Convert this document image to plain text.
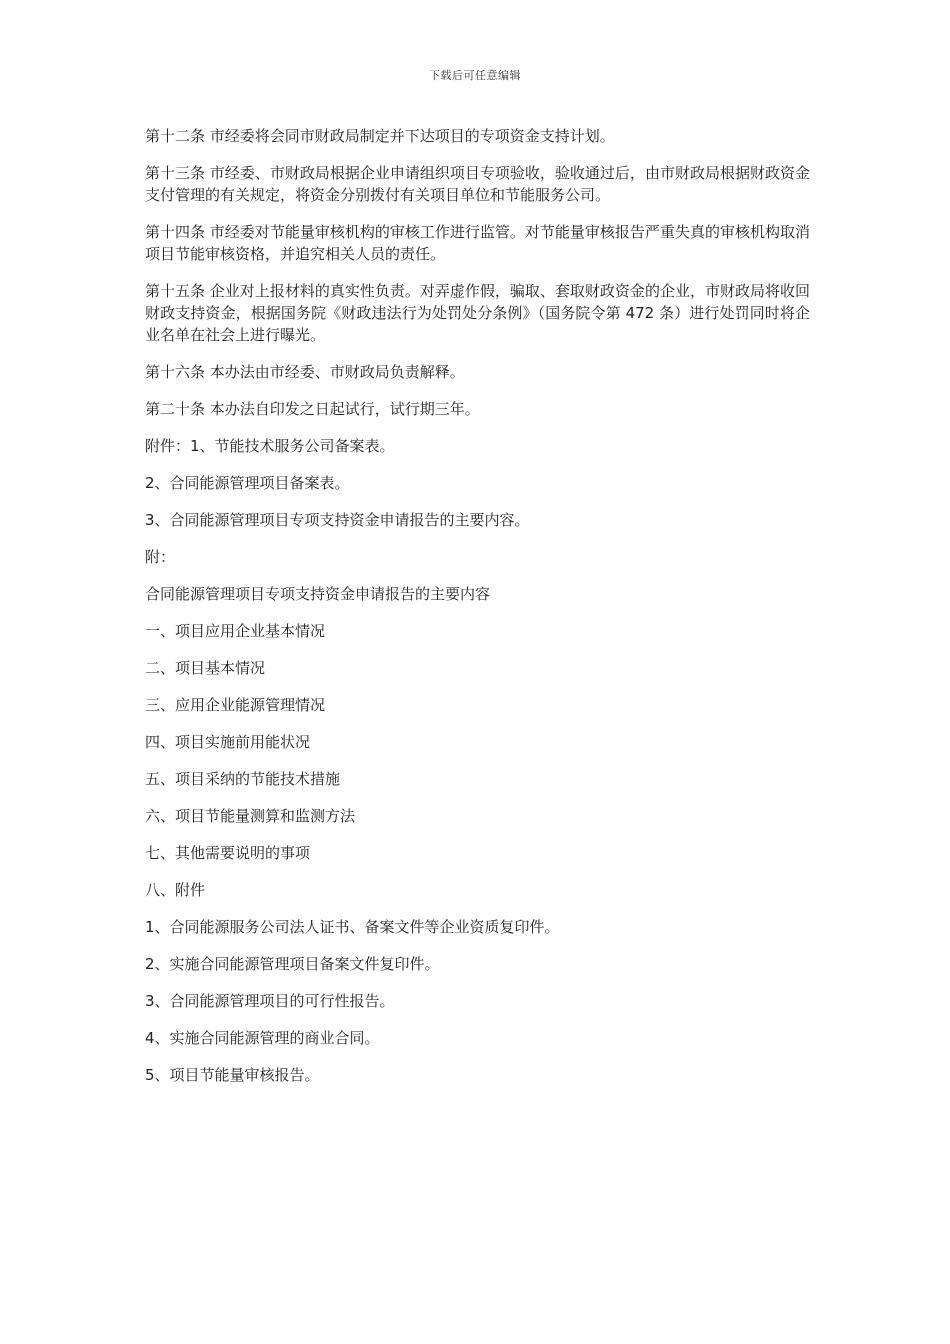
下载后可任意编辑

第十二条 市经委将会同市财政局制定并下达项目的专项资金支持计划。

第十三条 市经委、市财政局根据企业申请组织项目专项验收，验收通过后，由市财政局根据财政资金支付管理的有关规定，将资金分别拨付有关项目单位和节能服务公司。

第十四条 市经委对节能量审核机构的审核工作进行监管。对节能量审核报告严重失真的审核机构取消项目节能审核资格，并追究相关人员的责任。

第十五条 企业对上报材料的真实性负责。对弄虚作假，骗取、套取财政资金的企业，市财政局将收回财政支持资金，根据国务院《财政违法行为处罚处分条例》（国务院令第 472 条）进行处罚同时将企业名单在社会上进行曝光。

第十六条 本办法由市经委、市财政局负责解释。

第二十条 本办法自印发之日起试行，试行期三年。

附件：1、节能技术服务公司备案表。

2、合同能源管理项目备案表。

3、合同能源管理项目专项支持资金申请报告的主要内容。

附：

合同能源管理项目专项支持资金申请报告的主要内容

一、项目应用企业基本情况

二、项目基本情况

三、应用企业能源管理情况

四、项目实施前用能状况

五、项目采纳的节能技术措施

六、项目节能量测算和监测方法

七、其他需要说明的事项

八、附件

1、合同能源服务公司法人证书、备案文件等企业资质复印件。

2、实施合同能源管理项目备案文件复印件。

3、合同能源管理项目的可行性报告。

4、实施合同能源管理的商业合同。

5、项目节能量审核报告。
